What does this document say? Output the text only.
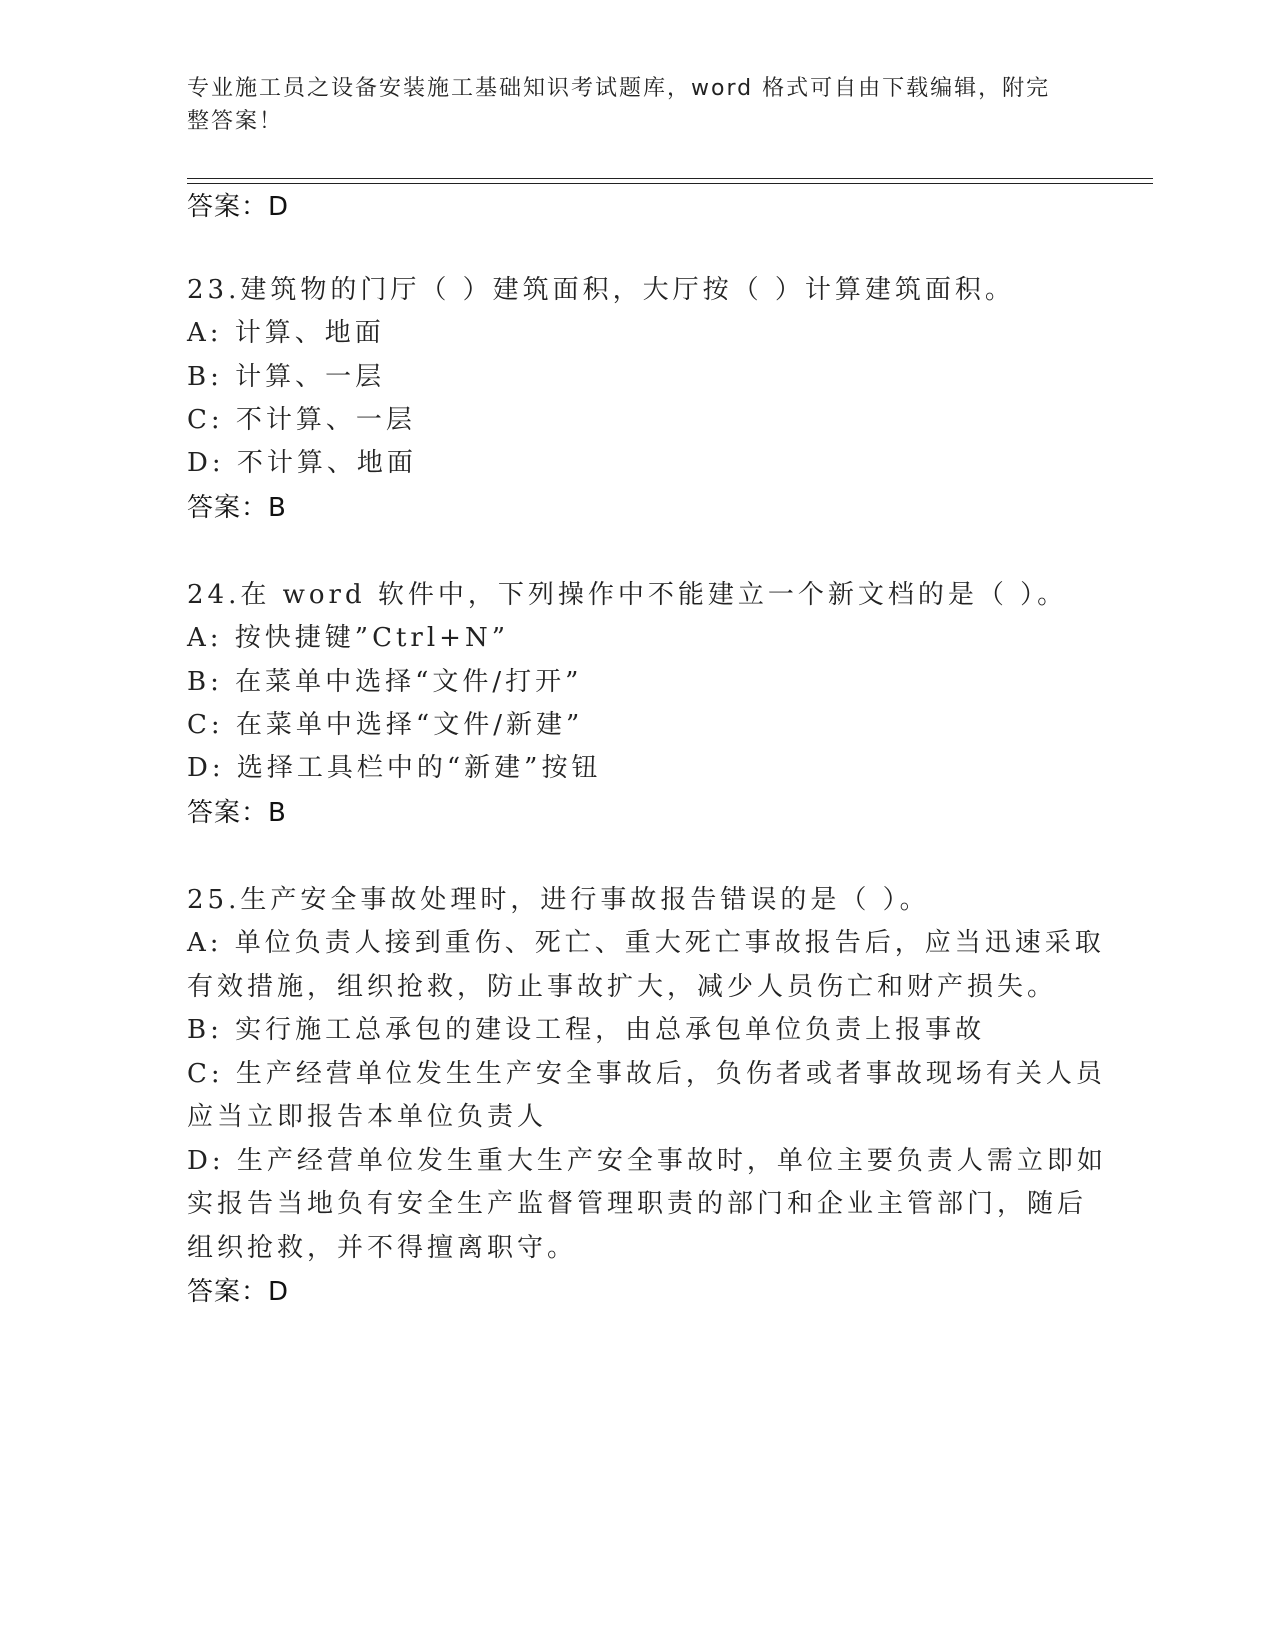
专业施工员之设备安装施工基础知识考试题库，word 格式可自由下载编辑，附完
整答案！
答案：D
23.建筑物的门厅（ ）建筑面积，大厅按（ ）计算建筑面积。
A: 计算、地面
B: 计算、一层
C: 不计算、一层
D: 不计算、地面
答案：B
24.在 word 软件中，下列操作中不能建立一个新文档的是（ ）。
A: 按快捷键”Ctrl+N”
B: 在菜单中选择“文件/打开”
C: 在菜单中选择“文件/新建”
D: 选择工具栏中的“新建”按钮
答案：B
25.生产安全事故处理时，进行事故报告错误的是（ ）。
A: 单位负责人接到重伤、死亡、重大死亡事故报告后，应当迅速采取
有效措施，组织抢救，防止事故扩大，减少人员伤亡和财产损失。
B: 实行施工总承包的建设工程，由总承包单位负责上报事故
C: 生产经营单位发生生产安全事故后，负伤者或者事故现场有关人员
应当立即报告本单位负责人
D: 生产经营单位发生重大生产安全事故时，单位主要负责人需立即如
实报告当地负有安全生产监督管理职责的部门和企业主管部门，随后
组织抢救，并不得擅离职守。
答案：D
